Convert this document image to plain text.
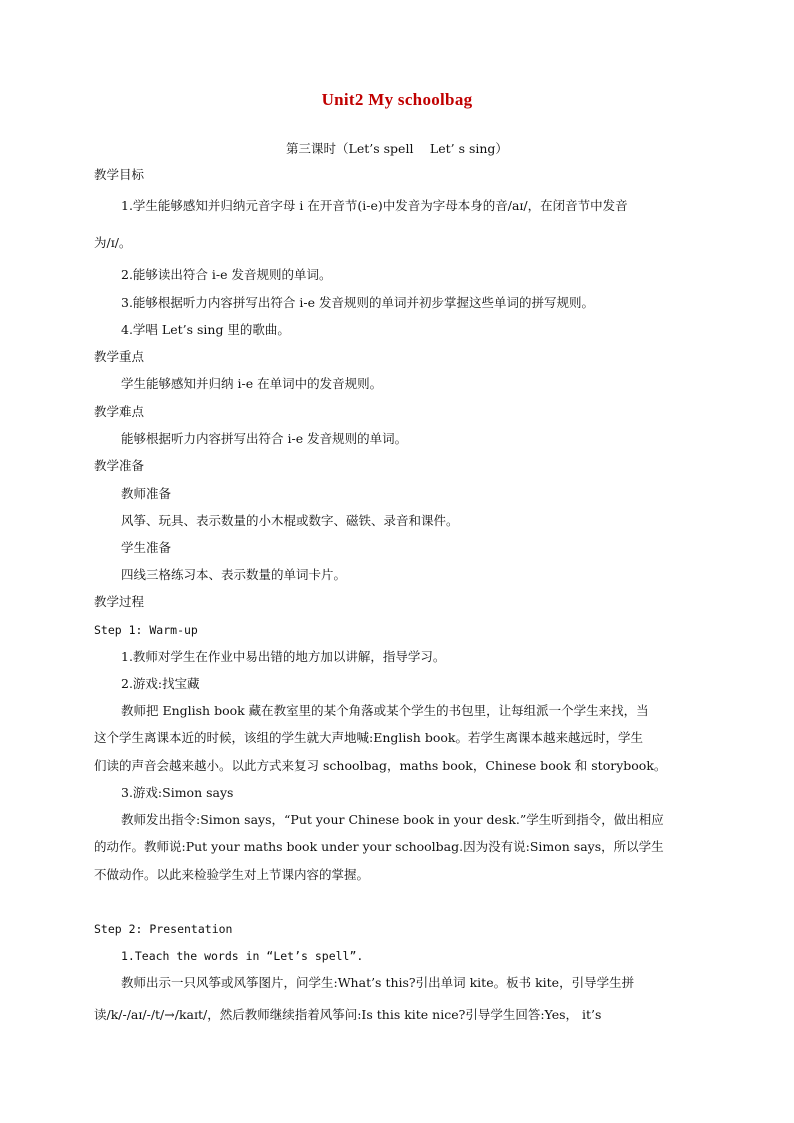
Unit2 My schoolbag
第三课时（Let’s spell　 Let’ s sing）
教学目标
1.学生能够感知并归纳元音字母 i 在开音节(i-e)中发音为字母本身的音/aɪ/，在闭音节中发音
为/ɪ/。
2.能够读出符合 i-e 发音规则的单词。
3.能够根据听力内容拼写出符合 i-e 发音规则的单词并初步掌握这些单词的拼写规则。
4.学唱 Let’s sing 里的歌曲。
教学重点
学生能够感知并归纳 i-e 在单词中的发音规则。
教学难点
能够根据听力内容拼写出符合 i-e 发音规则的单词。
教学准备
教师准备
风筝、玩具、表示数量的小木棍或数字、磁铁、录音和课件。
学生准备
四线三格练习本、表示数量的单词卡片。
教学过程
Step 1: Warm-up
1.教师对学生在作业中易出错的地方加以讲解，指导学习。
2.游戏:找宝藏
教师把 English book 藏在教室里的某个角落或某个学生的书包里，让每组派一个学生来找，当
这个学生离课本近的时候，该组的学生就大声地喊:English book。若学生离课本越来越远时，学生
们读的声音会越来越小。以此方式来复习 schoolbag，maths book，Chinese book 和 storybook。
3.游戏:Simon says
教师发出指令:Simon says，“Put your Chinese book in your desk.”学生听到指令，做出相应
的动作。教师说:Put your maths book under your schoolbag.因为没有说:Simon says，所以学生
不做动作。以此来检验学生对上节课内容的掌握。
Step 2: Presentation
1.Teach the words in “Let’s spell”.
教师出示一只风筝或风筝图片，问学生:What’s this?引出单词 kite。板书 kite，引导学生拼
读/k/-/aɪ/-/t/→/kaɪt/，然后教师继续指着风筝问:Is this kite nice?引导学生回答:Yes， it’s
